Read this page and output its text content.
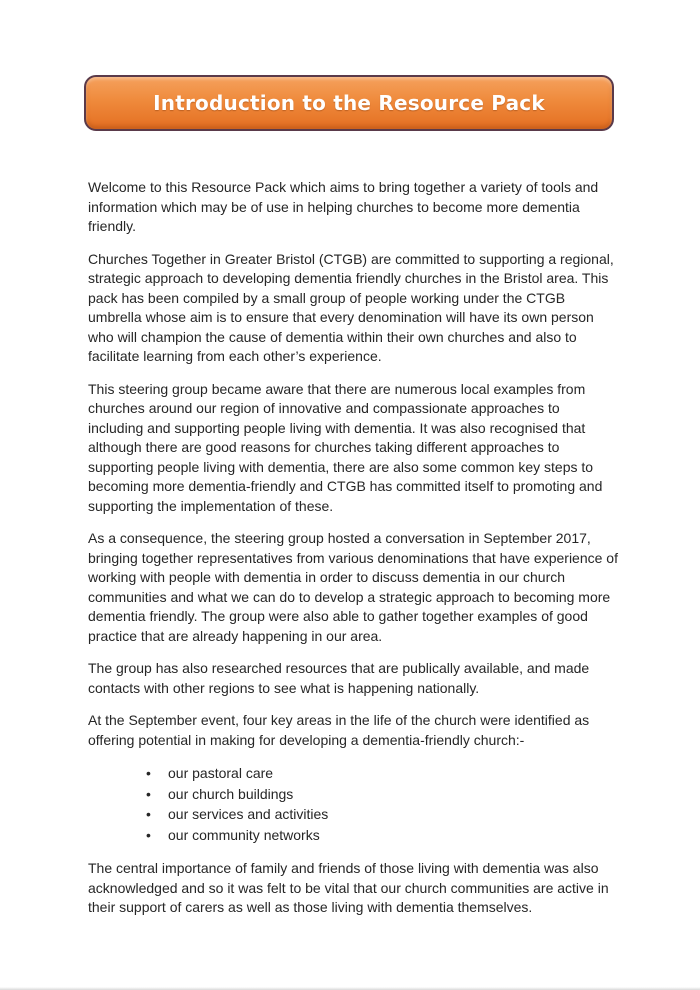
Introduction to the Resource Pack

Welcome to this Resource Pack which aims to bring together a variety of tools and information which may be of use in helping churches to become more dementia friendly.

Churches Together in Greater Bristol (CTGB) are committed to supporting a regional, strategic approach to developing dementia friendly churches in the Bristol area. This pack has been compiled by a small group of people working under the CTGB umbrella whose aim is to ensure that every denomination will have its own person who will champion the cause of dementia within their own churches and also to facilitate learning from each other’s experience.

This steering group became aware that there are numerous local examples from churches around our region of innovative and compassionate approaches to including and supporting people living with dementia. It was also recognised that although there are good reasons for churches taking different approaches to supporting people living with dementia, there are also some common key steps to becoming more dementia-friendly and CTGB has committed itself to promoting and supporting the implementation of these.

As a consequence, the steering group hosted a conversation in September 2017, bringing together representatives from various denominations that have experience of working with people with dementia in order to discuss dementia in our church communities and what we can do to develop a strategic approach to becoming more dementia friendly. The group were also able to gather together examples of good practice that are already happening in our area.

The group has also researched resources that are publically available, and made contacts with other regions to see what is happening nationally.

At the September event, four key areas in the life of the church were identified as offering potential in making for developing a dementia-friendly church:-

• our pastoral care
• our church buildings
• our services and activities
• our community networks

The central importance of family and friends of those living with dementia was also acknowledged and so it was felt to be vital that our church communities are active in their support of carers as well as those living with dementia themselves.
